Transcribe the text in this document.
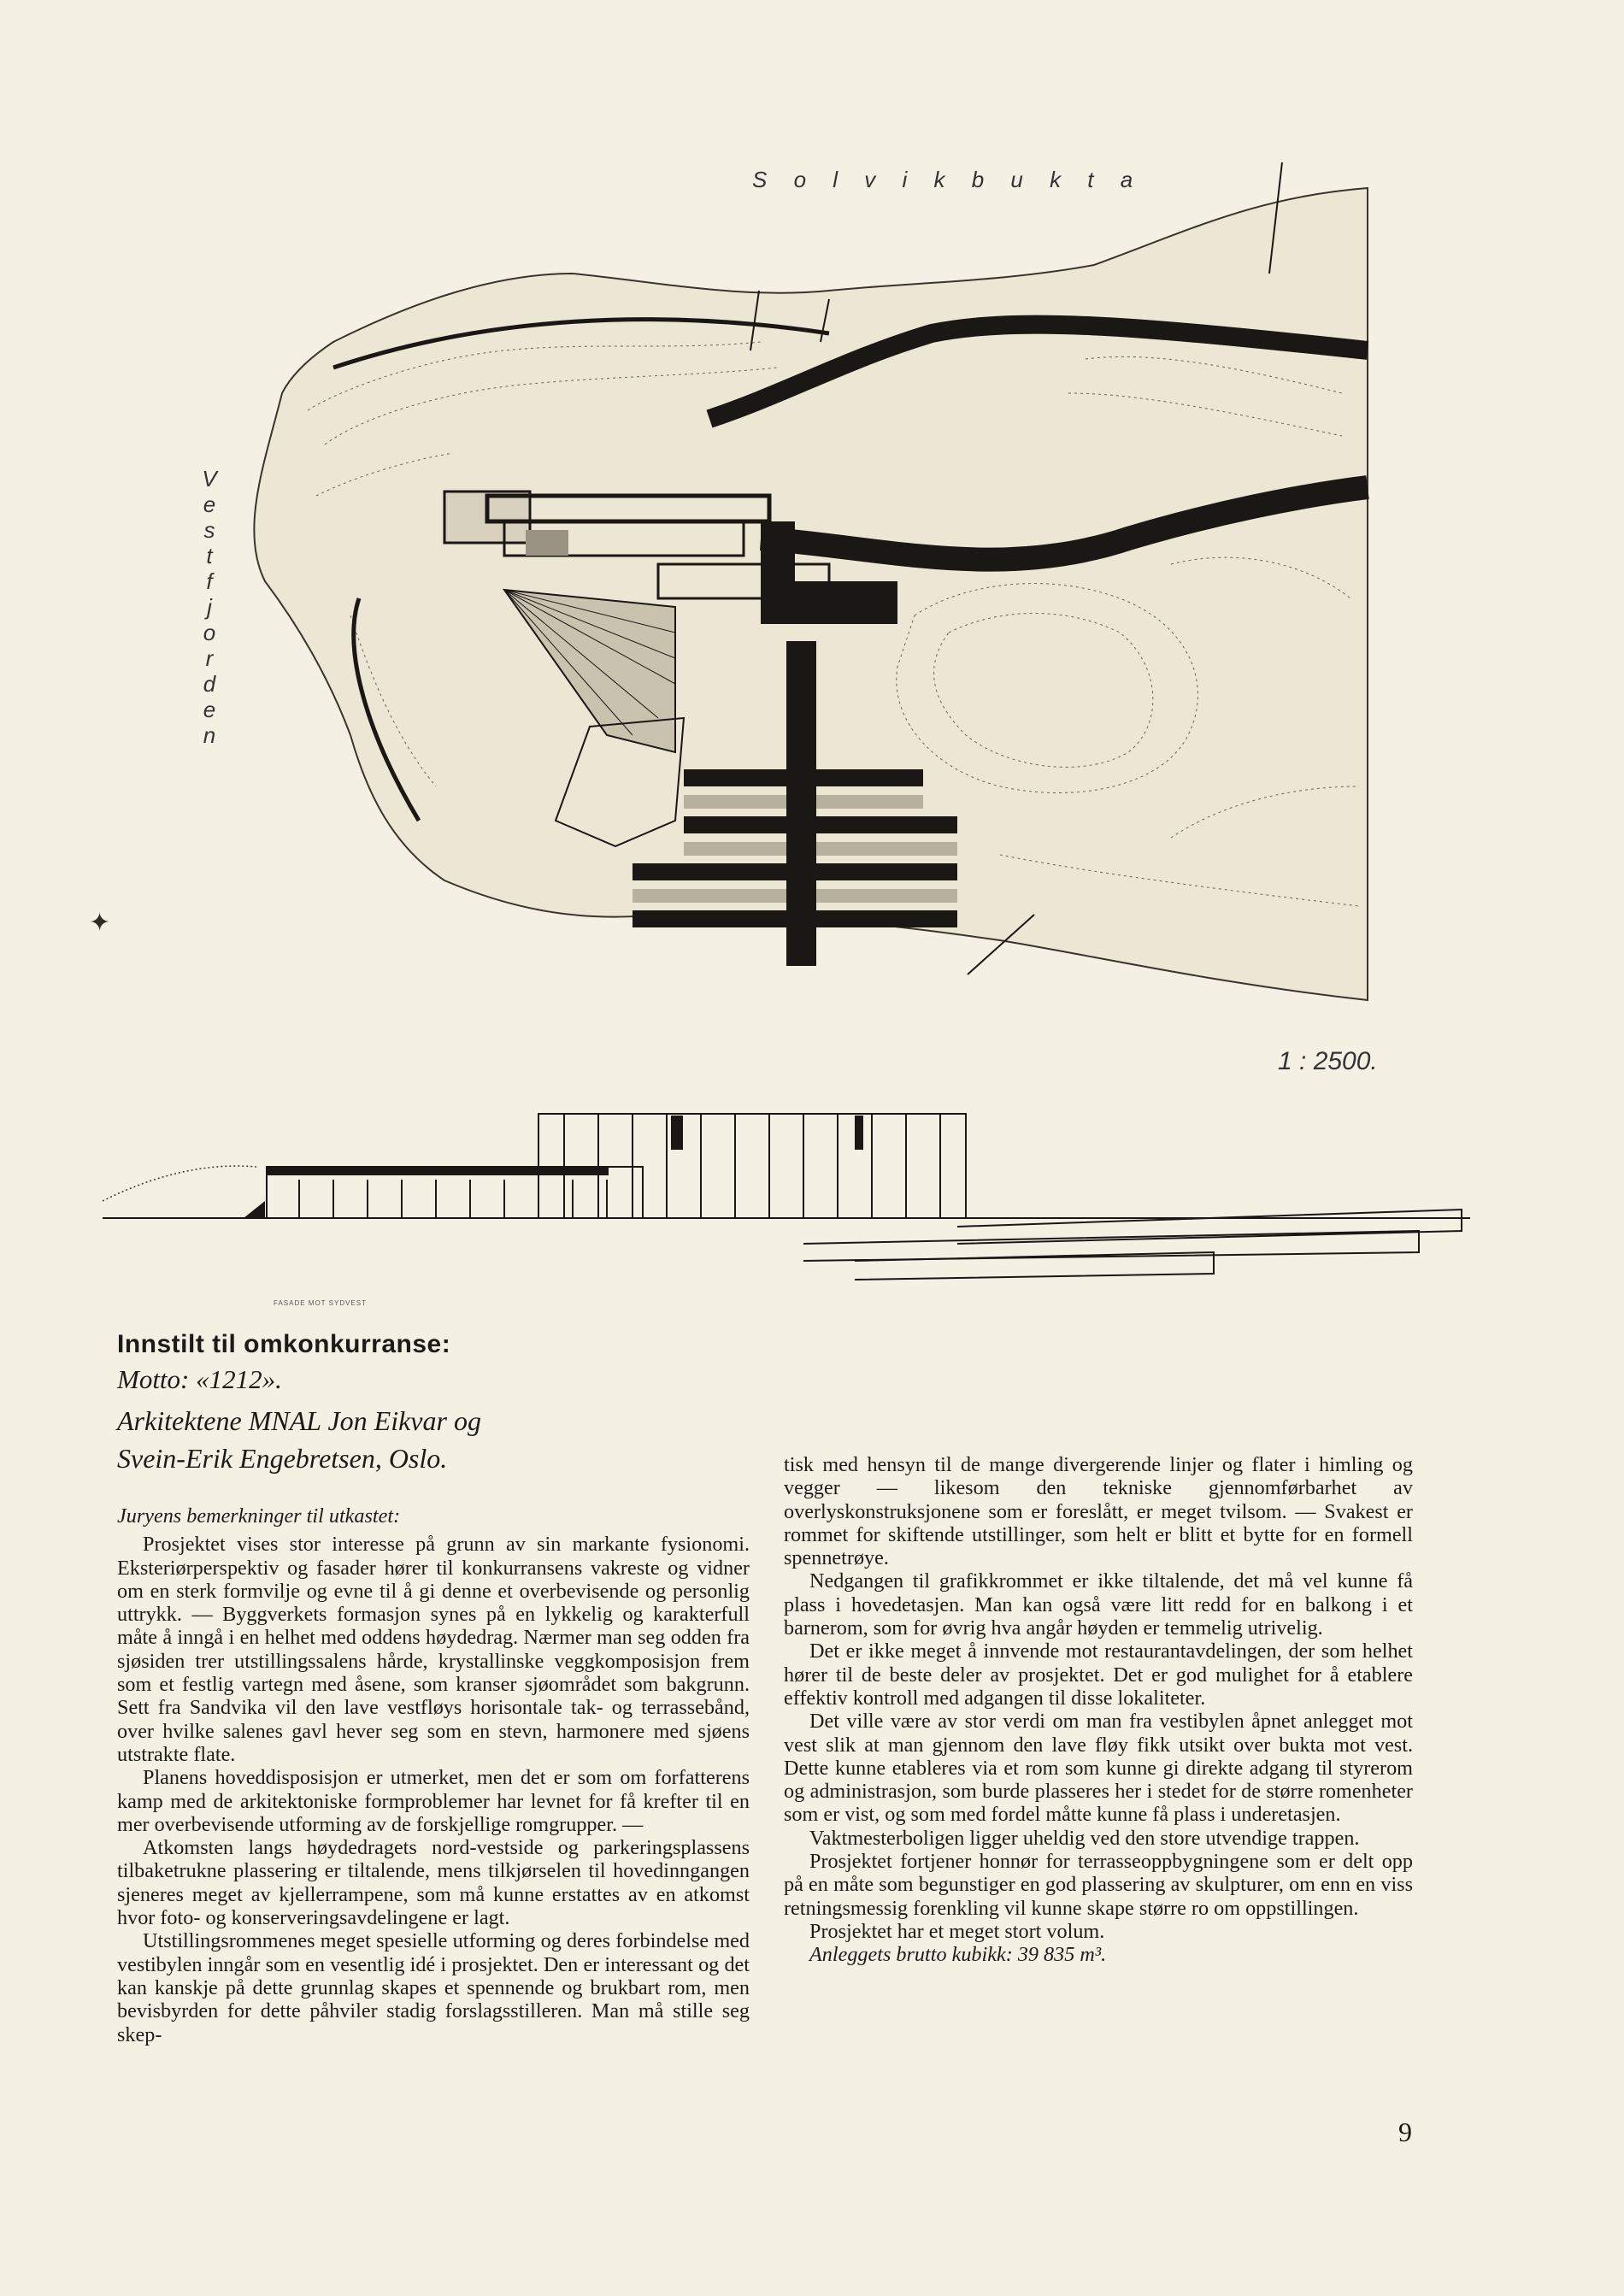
S o l v i k b u k t a
V
e
s
t
f
j
o
r
d
e
n
1 : 2500.
✦
FASADE MOT SYDVEST
Innstilt til omkonkurranse:
Motto: «1212».
Arkitektene MNAL Jon Eikvar og
Svein-Erik Engebretsen, Oslo.

Juryens bemerkninger til utkastet:

Prosjektet vises stor interesse på grunn av sin markante fysionomi. Eksteriørperspektiv og fasader hører til konkurransens vakreste og vidner om en sterk formvilje og evne til å gi denne et overbevisende og personlig uttrykk. — Byggverkets formasjon synes på en lykkelig og karakterfull måte å inngå i en helhet med oddens høydedrag. Nærmer man seg odden fra sjøsiden trer utstillingssalens hårde, krystallinske veggkomposisjon frem som et festlig vartegn med åsene, som kranser sjøområdet som bakgrunn. Sett fra Sandvika vil den lave vestfløys horisontale tak- og terrassebånd, over hvilke salenes gavl hever seg som en stevn, harmonere med sjøens utstrakte flate.

Planens hoveddisposisjon er utmerket, men det er som om forfatterens kamp med de arkitektoniske formproblemer har levnet for få krefter til en mer overbevisende utforming av de forskjellige romgrupper. —

Atkomsten langs høydedragets nord-vestside og parkeringsplassens tilbaketrukne plassering er tiltalende, mens tilkjørselen til hovedinngangen sjeneres meget av kjellerrampene, som må kunne erstattes av en atkomst hvor foto- og konserveringsavdelingene er lagt.

Utstillingsrommenes meget spesielle utforming og deres forbindelse med vestibylen inngår som en vesentlig idé i prosjektet. Den er interessant og det kan kanskje på dette grunnlag skapes et spennende og brukbart rom, men bevisbyrden for dette påhviler stadig forslagsstilleren. Man må stille seg skep-

tisk med hensyn til de mange divergerende linjer og flater i himling og vegger — likesom den tekniske gjennomførbarhet av overlyskonstruksjonene som er foreslått, er meget tvilsom. — Svakest er rommet for skiftende utstillinger, som helt er blitt et bytte for en formell spennetrøye.

Nedgangen til grafikkrommet er ikke tiltalende, det må vel kunne få plass i hovedetasjen. Man kan også være litt redd for en balkong i et barnerom, som for øvrig hva angår høyden er temmelig utrivelig.

Det er ikke meget å innvende mot restaurantavdelingen, der som helhet hører til de beste deler av prosjektet. Det er god mulighet for å etablere effektiv kontroll med adgangen til disse lokaliteter.

Det ville være av stor verdi om man fra vestibylen åpnet anlegget mot vest slik at man gjennom den lave fløy fikk utsikt over bukta mot vest. Dette kunne etableres via et rom som kunne gi direkte adgang til styrerom og administrasjon, som burde plasseres her i stedet for de større romenheter som er vist, og som med fordel måtte kunne få plass i underetasjen.

Vaktmesterboligen ligger uheldig ved den store utvendige trappen.

Prosjektet fortjener honnør for terrasseoppbygningene som er delt opp på en måte som begunstiger en god plassering av skulpturer, om enn en viss retningsmessig forenkling vil kunne skape større ro om oppstillingen.

Prosjektet har et meget stort volum.

Anleggets brutto kubikk: 39 835 m³.

9
